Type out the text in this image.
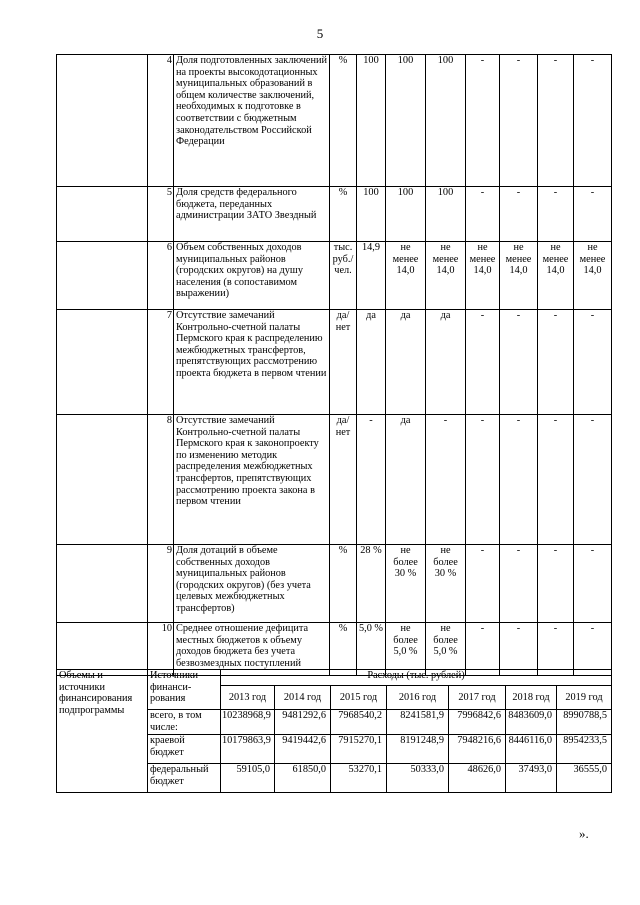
5
	4	Доля подготовленных заключений на проекты высокодотационных муниципальных образований в общем количестве заключений, необходимых к подготовке в соответствии с бюджетным законодательством Российской Федерации	%	100	100	100	-	-	-	-
	5	Доля средств федерального бюджета, переданных администрации ЗАТО Звездный	%	100	100	100	-	-	-	-
	6	Объем собственных доходов муниципальных районов (городских округов) на душу населения (в сопоставимом выражении)	тыс. руб./ чел.	14,9	не менее 14,0	не менее 14,0	не менее 14,0	не менее 14,0	не менее 14,0	не менее 14,0
	7	Отсутствие замечаний Контрольно-счетной палаты Пермского края к распределению межбюджетных трансфертов, препятствующих рассмотрению проекта бюджета в первом чтении	да/ нет	да	да	да	-	-	-	-
	8	Отсутствие замечаний Контрольно-счетной палаты Пермского края к законопроекту по изменению методик распределения межбюджетных трансфертов, препятствующих рассмотрению проекта закона в первом чтении	да/ нет	-	да	-	-	-	-	-
	9	Доля дотаций в объеме собственных доходов муниципальных районов (городских округов) (без учета целевых межбюджетных трансфертов)	%	28 %	не более 30 %	не более 30 %	-	-	-	-
	10	Среднее отношение дефицита местных бюджетов к объему доходов бюджета без учета безвозмездных поступлений	%	5,0 %	не более 5,0 %	не более 5,0 %	-	-	-	-
Объемы и источники финансирования подпрограммы	Источники финанси- рования	Расходы (тыс. рублей)						
		2013 год	2014 год	2015 год	2016 год	2017 год	2018 год	2019 год
	всего, в том числе:	10238968,9	9481292,6	7968540,2	8241581,9	7996842,6	8483609,0	8990788,5
	краевой бюджет	10179863,9	9419442,6	7915270,1	8191248,9	7948216,6	8446116,0	8954233,5
	федеральный бюджет	59105,0	61850,0	53270,1	50333,0	48626,0	37493,0	36555,0
».
